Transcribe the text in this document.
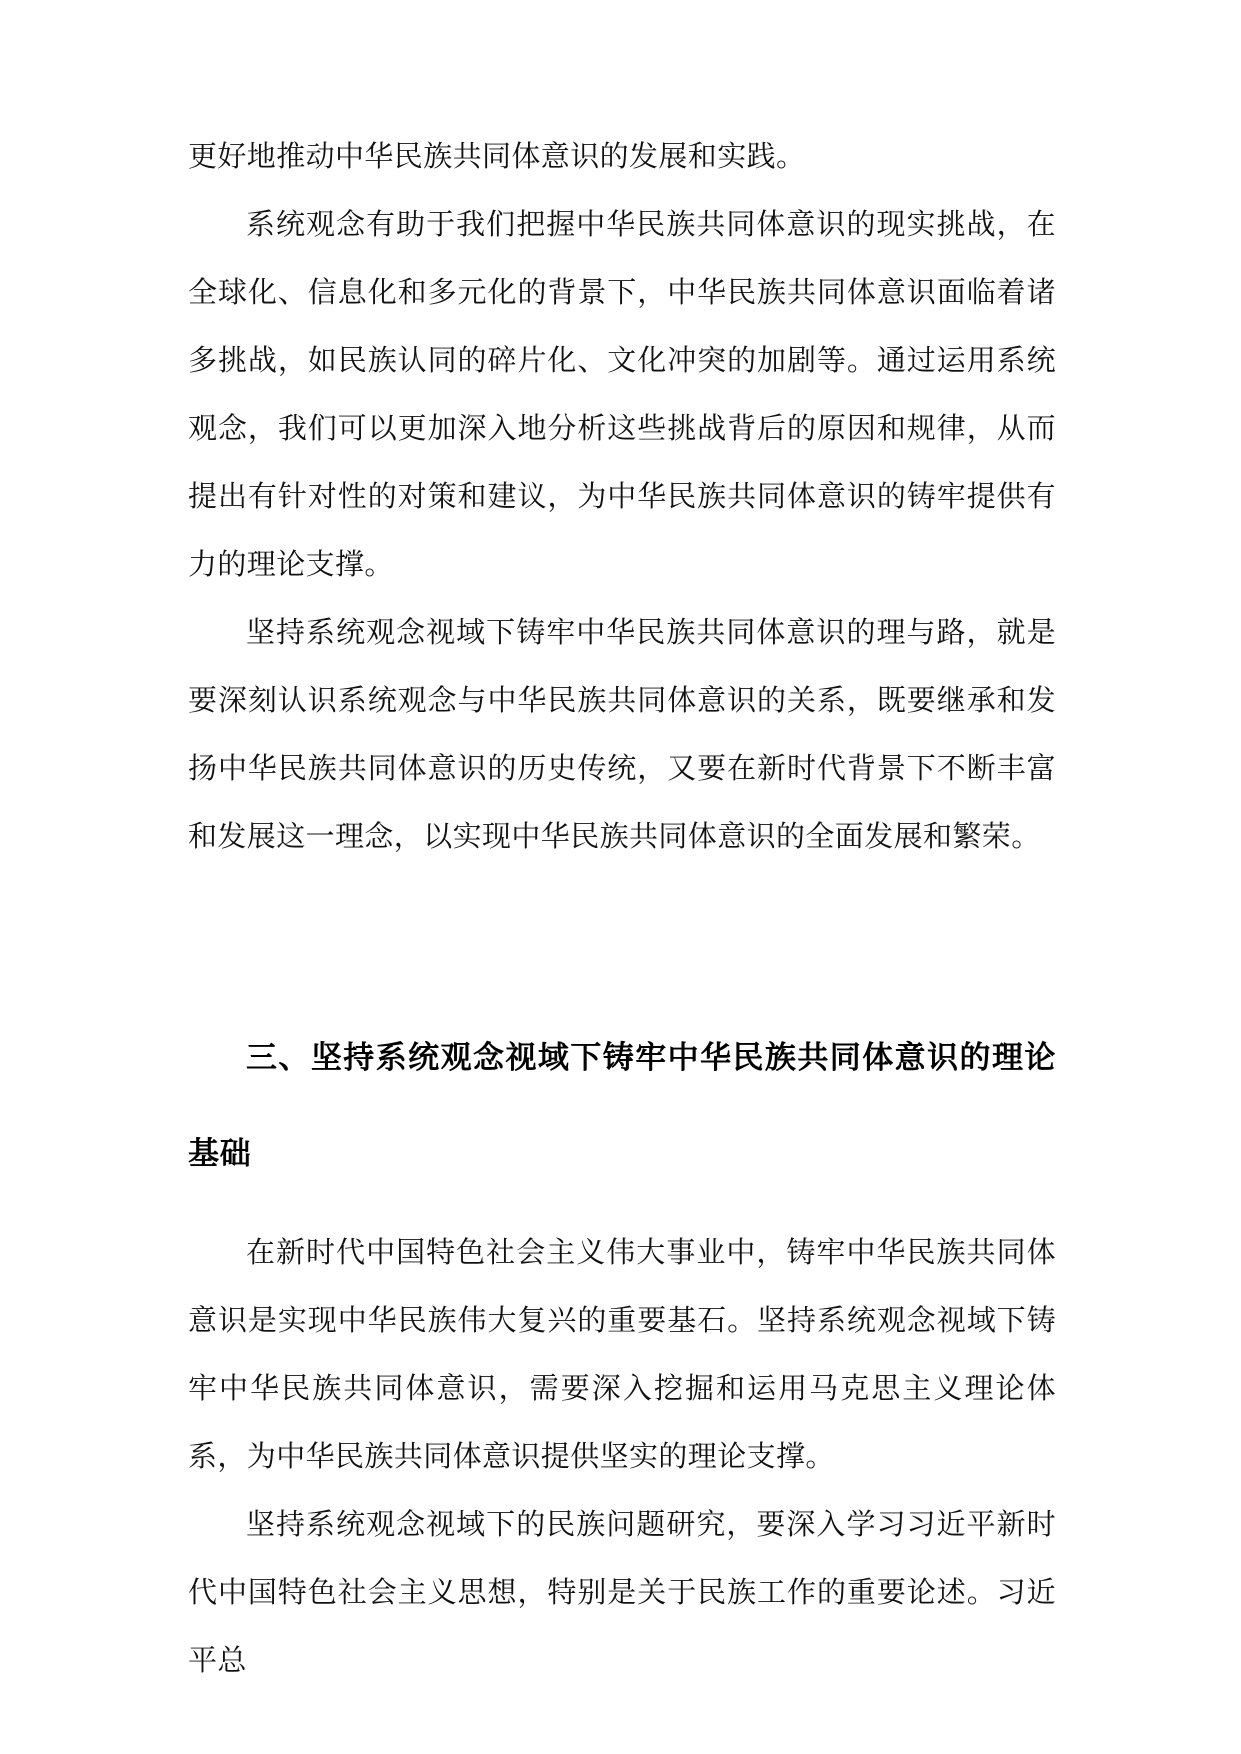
更好地推动中华民族共同体意识的发展和实践。

系统观念有助于我们把握中华民族共同体意识的现实挑战，在全球化、信息化和多元化的背景下，中华民族共同体意识面临着诸多挑战，如民族认同的碎片化、文化冲突的加剧等。通过运用系统观念，我们可以更加深入地分析这些挑战背后的原因和规律，从而提出有针对性的对策和建议，为中华民族共同体意识的铸牢提供有力的理论支撑。

坚持系统观念视域下铸牢中华民族共同体意识的理与路，就是要深刻认识系统观念与中华民族共同体意识的关系，既要继承和发扬中华民族共同体意识的历史传统，又要在新时代背景下不断丰富和发展这一理念，以实现中华民族共同体意识的全面发展和繁荣。

三、坚持系统观念视域下铸牢中华民族共同体意识的理论基础

在新时代中国特色社会主义伟大事业中，铸牢中华民族共同体意识是实现中华民族伟大复兴的重要基石。坚持系统观念视域下铸牢中华民族共同体意识，需要深入挖掘和运用马克思主义理论体系，为中华民族共同体意识提供坚实的理论支撑。

坚持系统观念视域下的民族问题研究，要深入学习习近平新时代中国特色社会主义思想，特别是关于民族工作的重要论述。习近平总
